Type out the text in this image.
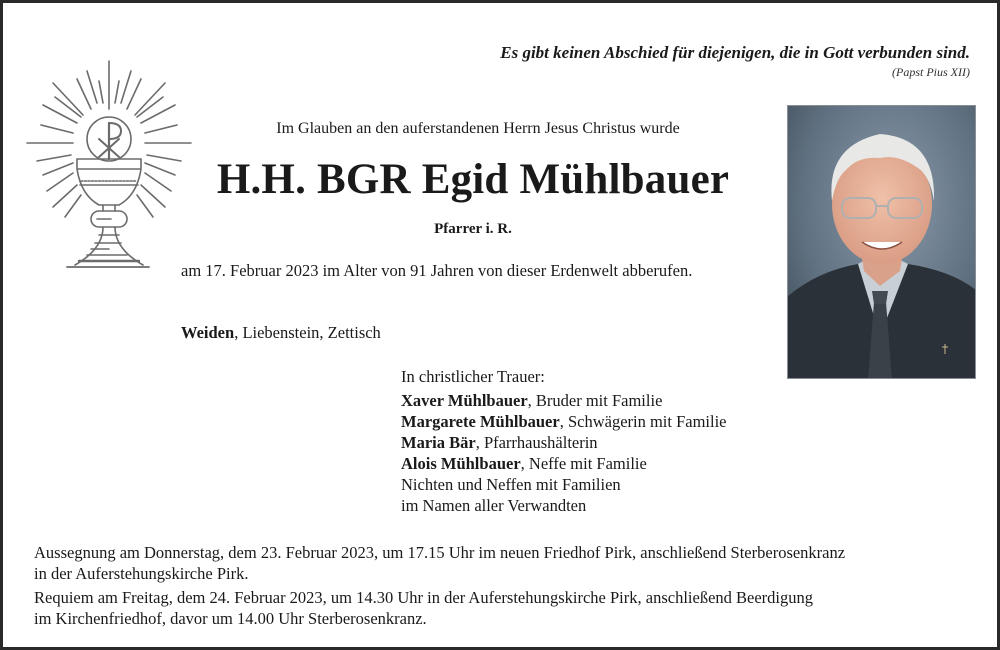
Es gibt keinen Abschied für diejenigen, die in Gott verbunden sind.
(Papst Pius XII)
Im Glauben an den auferstandenen Herrn Jesus Christus wurde
H.H. BGR Egid Mühlbauer
Pfarrer i. R.
am 17. Februar 2023 im Alter von 91 Jahren von dieser Erdenwelt abberufen.
Weiden, Liebenstein, Zettisch
In christlicher Trauer:
Xaver Mühlbauer, Bruder mit Familie
Margarete Mühlbauer, Schwägerin mit Familie
Maria Bär, Pfarrhaushälterin
Alois Mühlbauer, Neffe mit Familie
Nichten und Neffen mit Familien
im Namen aller Verwandten
Aussegnung am Donnerstag, dem 23. Februar 2023, um 17.15 Uhr im neuen Friedhof Pirk, anschließend Sterberosenkranz
in der Auferstehungskirche Pirk.
Requiem am Freitag, dem 24. Februar 2023, um 14.30 Uhr in der Auferstehungskirche Pirk, anschließend Beerdigung
im Kirchenfriedhof, davor um 14.00 Uhr Sterberosenkranz.
